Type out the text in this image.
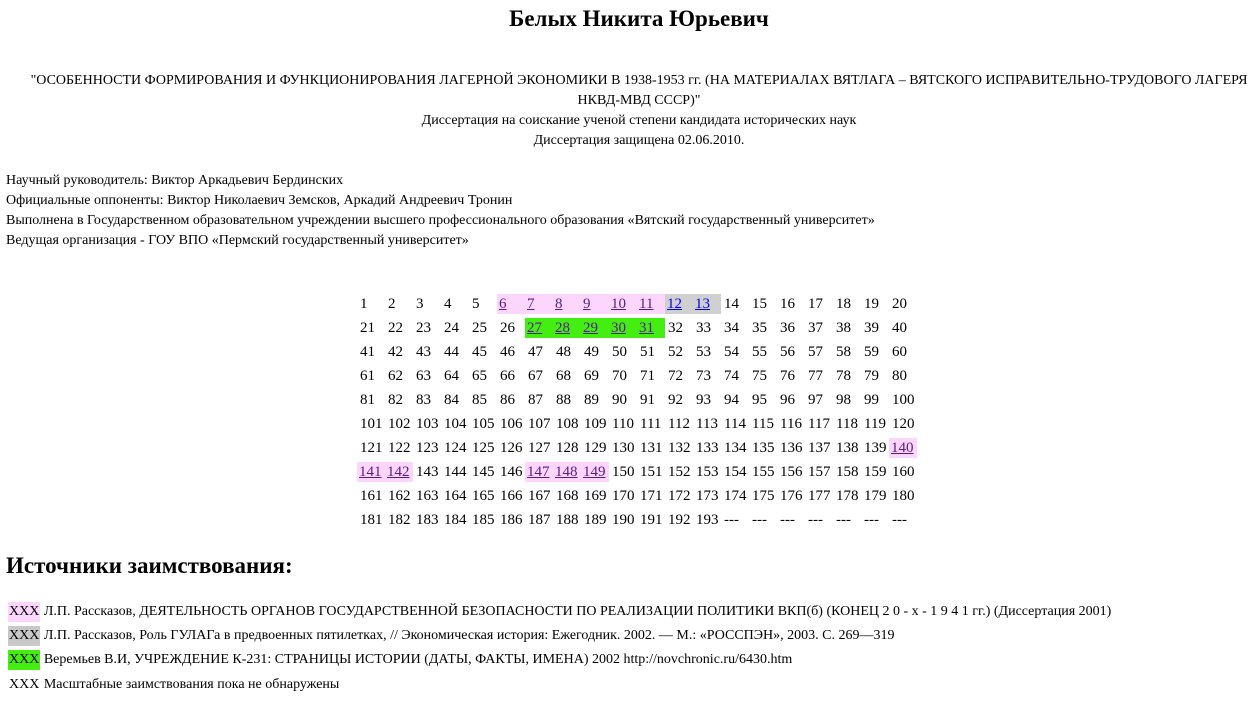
Белых Никита Юрьевич
"ОСОБЕННОСТИ ФОРМИРОВАНИЯ И ФУНКЦИОНИРОВАНИЯ ЛАГЕРНОЙ ЭКОНОМИКИ В 1938-1953 гг. (НА МАТЕРИАЛАХ ВЯТЛАГА – ВЯТСКОГО ИСПРАВИТЕЛЬНО-ТРУДОВОГО ЛАГЕРЯ НКВД-МВД СССР)"
Диссертация на соискание ученой степени кандидата исторических наук
Диссертация защищена 02.06.2010.
Научный руководитель: Виктор Аркадьевич Бердинских
Официальные оппоненты: Виктор Николаевич Земсков, Аркадий Андреевич Тронин
Выполнена в Государственном образовательном учреждении высшего профессионального образования «Вятский государственный университет»
Ведущая организация - ГОУ ВПО «Пермский государственный университет»
1	2	3	4	5	6	7	8	9	10	11	12	13	14	15	16	17	18	19	20
21	22	23	24	25	26	27	28	29	30	31	32	33	34	35	36	37	38	39	40
41	42	43	44	45	46	47	48	49	50	51	52	53	54	55	56	57	58	59	60
61	62	63	64	65	66	67	68	69	70	71	72	73	74	75	76	77	78	79	80
81	82	83	84	85	86	87	88	89	90	91	92	93	94	95	96	97	98	99	100
101	102	103	104	105	106	107	108	109	110	111	112	113	114	115	116	117	118	119	120
121	122	123	124	125	126	127	128	129	130	131	132	133	134	135	136	137	138	139	140
141	142	143	144	145	146	147	148	149	150	151	152	153	154	155	156	157	158	159	160
161	162	163	164	165	166	167	168	169	170	171	172	173	174	175	176	177	178	179	180
181	182	183	184	185	186	187	188	189	190	191	192	193	---	---	---	---	---	---	---
Источники заимствования:
XXX Л.П. Рассказов, ДЕЯТЕЛЬНОСТЬ ОРГАНОВ ГОСУДАРСТВЕННОЙ БЕЗОПАСНОСТИ ПО РЕАЛИЗАЦИИ ПОЛИТИКИ ВКП(б) (КОНЕЦ 2 0 - х - 1 9 4 1 гг.) (Диссертация 2001)
XXX Л.П. Рассказов, Роль ГУЛАГа в предвоенных пятилетках, // Экономическая история: Ежегодник. 2002. — М.: «РОССПЭН», 2003. С. 269—319
XXX Веремьев В.И, УЧРЕЖДЕНИЕ К-231: СТРАНИЦЫ ИСТОРИИ (ДАТЫ, ФАКТЫ, ИМЕНА) 2002 http://novchronic.ru/6430.htm
XXX Масштабные заимствования пока не обнаружены
